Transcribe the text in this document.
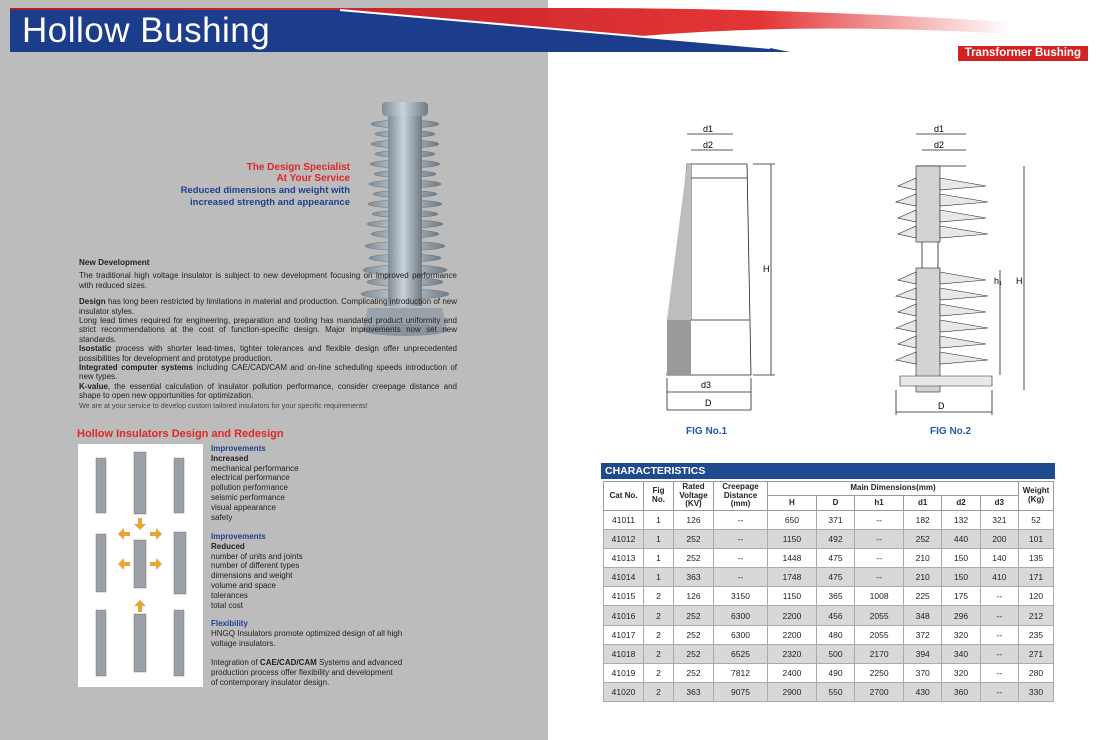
Hollow Bushing
Transformer Bushing
The Design Specialist
At Your Service
Reduced dimensions and weight with
increased strength and appearance
New Development

The traditional high voltage insulator is subject to new development focusing on improved performance with reduced sizes.

Design has long been restricted by limitations in material and production. Complicating introduction of new insulator styles.
Long lead times required for engineering, preparation and tooling has mandated product uniformity and strict recommendations at the cost of function-specific design. Major improvements now set new standards.
Isostatic process with shorter lead-times, tighter tolerances and flexible design offer unprecedented possibilities for development and prototype production.
Integrated computer systems including CAE/CAD/CAM and on-line scheduling speeds introduction of new types.
K-value, the essential calculation of insulator pollution performance, consider creepage distance and shape to open new opportunities for optimization.
We are at your service to develop custom tailored insulators for your specific requirements!

Hollow Insulators Design and Redesign
Improvements
Increased
mechanical performance
electrical performance
pollution performance
seismic performance
visual appearance
safety
Improvements
Reduced
number of units and joints
number of different types
dimensions and weight
volume and space
tolerances
total cost
Flexibility
HNGQ Insulators promote optimized design of all high
voltage insulators.
Integration of CAE/CAD/CAM Systems and advanced
production process offer flexibility and development
of contemporary insulator design.
d1
d2
H
d3
D
d1
d2
h₁ H
D
FIG No.1	FIG No.2
CHARACTERISTICS
Cat No.	Fig No.	Rated Voltage (KV)	Creepage Distance (mm)	Main Dimensions(mm)						Weight (Kg)
				H	D	h1	d1	d2	d3	
41011	1	126	--	650	371	--	182	132	321	52
41012	1	252	--	1150	492	--	252	440	200	101
41013	1	252	--	1448	475	--	210	150	140	135
41014	1	363	--	1748	475	--	210	150	410	171
41015	2	126	3150	1150	365	1008	225	175	--	120
41016	2	252	6300	2200	456	2055	348	296	--	212
41017	2	252	6300	2200	480	2055	372	320	--	235
41018	2	252	6525	2320	500	2170	394	340	--	271
41019	2	252	7812	2400	490	2250	370	320	--	280
41020	2	363	9075	2900	550	2700	430	360	--	330
